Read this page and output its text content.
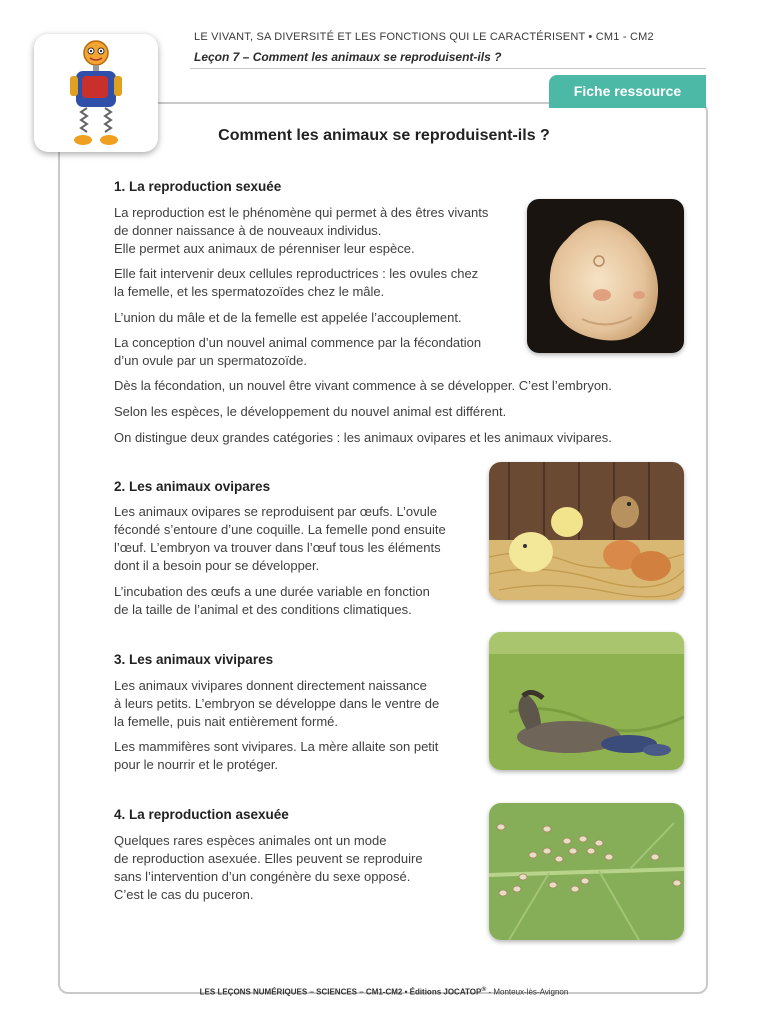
LE VIVANT, SA DIVERSITÉ ET LES FONCTIONS QUI LE CARACTÉRISENT • CM1 - CM2
Leçon 7 – Comment les animaux se reproduisent-ils ?
Fiche ressource
Comment les animaux se reproduisent-ils ?
1. La reproduction sexuée
La reproduction est le phénomène qui permet à des êtres vivants
de donner naissance à de nouveaux individus.
Elle permet aux animaux de pérenniser leur espèce.
Elle fait intervenir deux cellules reproductrices : les ovules chez
la femelle, et les spermatozoïdes chez le mâle.
L’union du mâle et de la femelle est appelée l’accouplement.
La conception d’un nouvel animal commence par la fécondation
d’un ovule par un spermatozoïde.
Dès la fécondation, un nouvel être vivant commence à se développer. C’est l’embryon.
Selon les espèces, le développement du nouvel animal est différent.
On distingue deux grandes catégories : les animaux ovipares et les animaux vivipares.
2. Les animaux ovipares
Les animaux ovipares se reproduisent par œufs. L’ovule
fécondé s’entoure d’une coquille. La femelle pond ensuite
l’œuf. L’embryon va trouver dans l’œuf tous les éléments
dont il a besoin pour se développer.
L’incubation des œufs a une durée variable en fonction
de la taille de l’animal et des conditions climatiques.
3. Les animaux vivipares
Les animaux vivipares donnent directement naissance
à leurs petits. L’embryon se développe dans le ventre de
la femelle, puis nait entièrement formé.
Les mammifères sont vivipares. La mère allaite son petit
pour le nourrir et le protéger.
4. La reproduction asexuée
Quelques rares espèces animales ont un mode
de reproduction asexuée. Elles peuvent se reproduire
sans l’intervention d’un congénère du sexe opposé.
C’est le cas du puceron.
LES LEÇONS NUMÉRIQUES – SCIENCES – CM1-CM2 • Éditions JOCATOP® - Monteux-lès-Avignon
